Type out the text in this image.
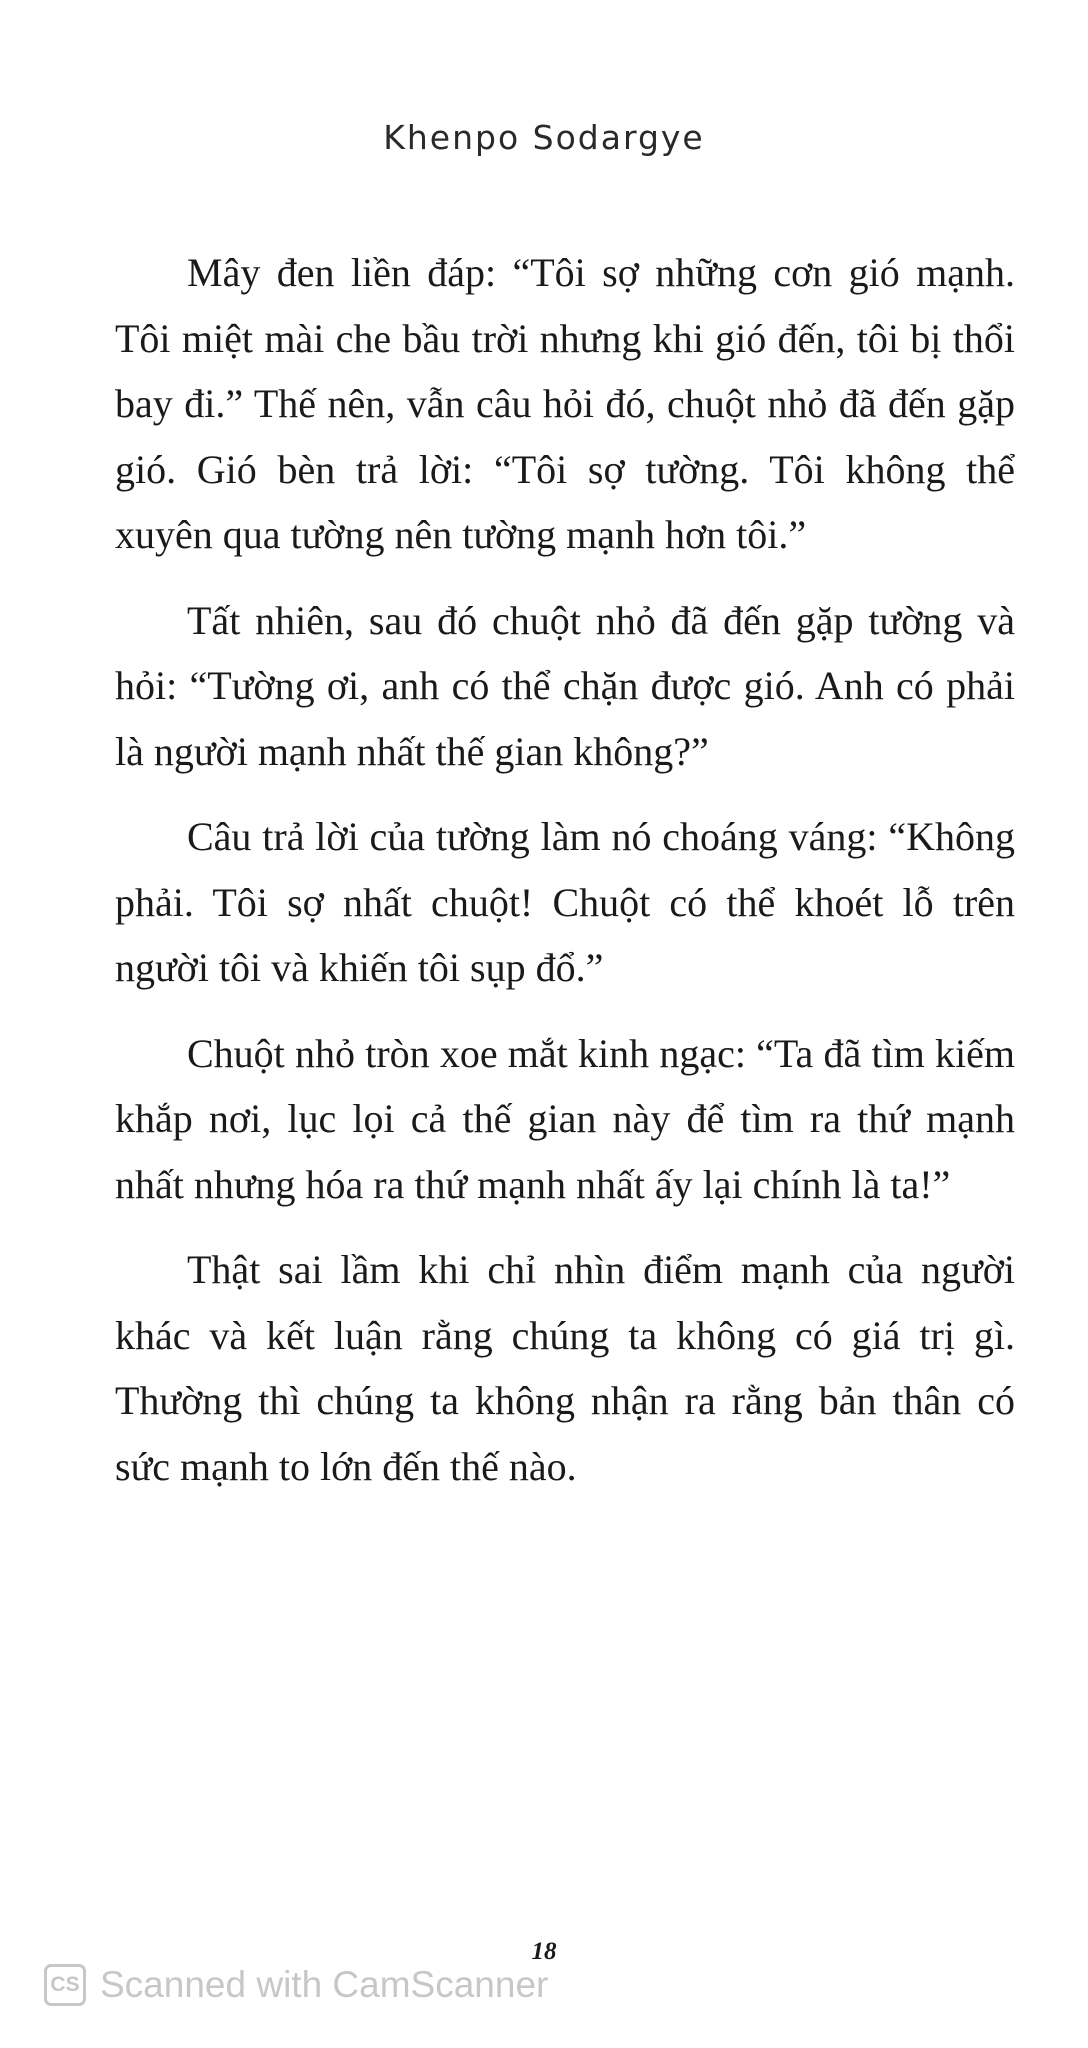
Khenpo Sodargye

Mây đen liền đáp: “Tôi sợ những cơn gió mạnh. Tôi miệt mài che bầu trời nhưng khi gió đến, tôi bị thổi bay đi.” Thế nên, vẫn câu hỏi đó, chuột nhỏ đã đến gặp gió. Gió bèn trả lời: “Tôi sợ tường. Tôi không thể xuyên qua tường nên tường mạnh hơn tôi.”

Tất nhiên, sau đó chuột nhỏ đã đến gặp tường và hỏi: “Tường ơi, anh có thể chặn được gió. Anh có phải là người mạnh nhất thế gian không?”

Câu trả lời của tường làm nó choáng váng: “Không phải. Tôi sợ nhất chuột! Chuột có thể khoét lỗ trên người tôi và khiến tôi sụp đổ.”

Chuột nhỏ tròn xoe mắt kinh ngạc: “Ta đã tìm kiếm khắp nơi, lục lọi cả thế gian này để tìm ra thứ mạnh nhất nhưng hóa ra thứ mạnh nhất ấy lại chính là ta!”

Thật sai lầm khi chỉ nhìn điểm mạnh của người khác và kết luận rằng chúng ta không có giá trị gì. Thường thì chúng ta không nhận ra rằng bản thân có sức mạnh to lớn đến thế nào.

18
CS Scanned with CamScanner
